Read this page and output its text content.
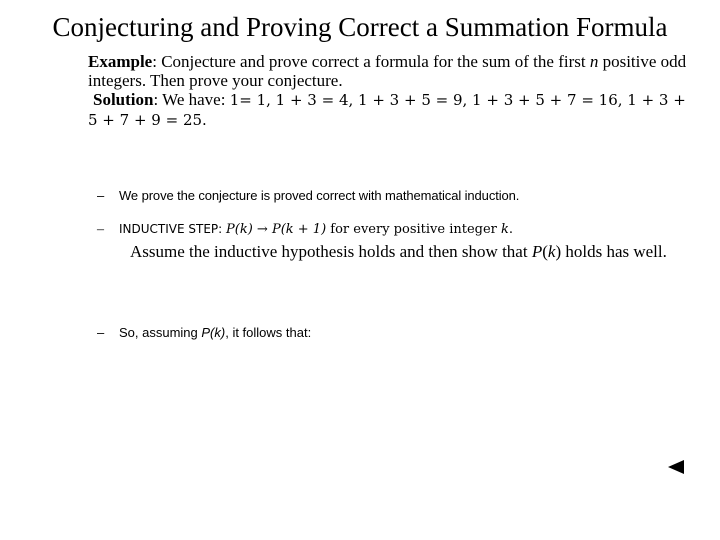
Conjecturing and Proving Correct a Summation Formula
Example: Conjecture and prove correct a formula for the sum of the first n positive odd integers. Then prove your conjecture.
Solution: We have: 1= 1, 1 + 3 = 4, 1 + 3 + 5 = 9, 1 + 3 + 5 + 7 = 16, 1 + 3 + 5 + 7 + 9 = 25.
– We prove the conjecture is proved correct with mathematical induction.
– INDUCTIVE STEP: P(k) → P(k + 1) for every positive integer k.
Assume the inductive hypothesis holds and then show that P(k) holds has well.
– So, assuming P(k), it follows that:
